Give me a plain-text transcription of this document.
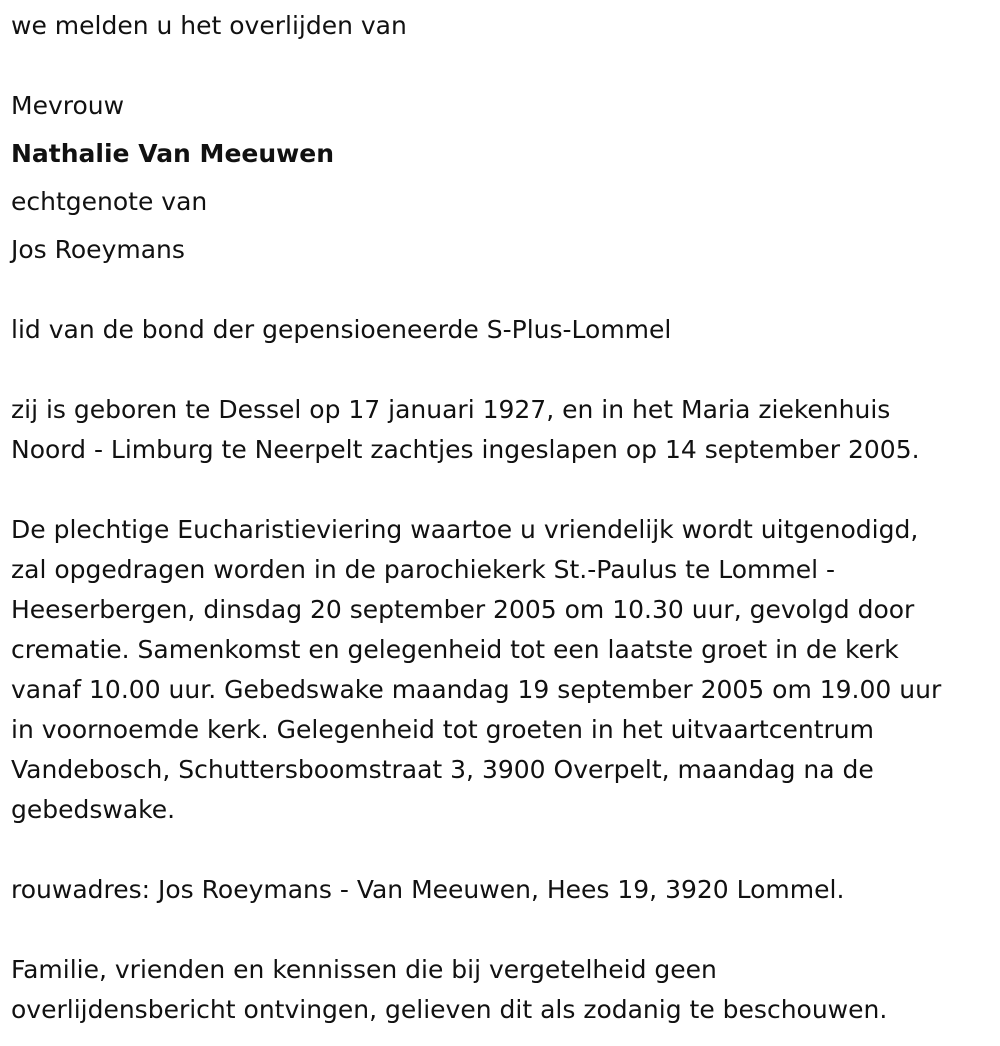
we melden u het overlijden van
Mevrouw
Nathalie Van Meeuwen
echtgenote van
Jos Roeymans
lid van de bond der gepensioeneerde S-Plus-Lommel
zij is geboren te Dessel op 17 januari 1927, en in het Maria ziekenhuis
Noord - Limburg te Neerpelt zachtjes ingeslapen op 14 september 2005.
De plechtige Eucharistieviering waartoe u vriendelijk wordt uitgenodigd,
zal opgedragen worden in de parochiekerk St.-Paulus te Lommel -
Heeserbergen, dinsdag 20 september 2005 om 10.30 uur, gevolgd door
crematie. Samenkomst en gelegenheid tot een laatste groet in de kerk
vanaf 10.00 uur. Gebedswake maandag 19 september 2005 om 19.00 uur
in voornoemde kerk. Gelegenheid tot groeten in het uitvaartcentrum
Vandebosch, Schuttersboomstraat 3, 3900 Overpelt, maandag na de
gebedswake.
rouwadres: Jos Roeymans - Van Meeuwen, Hees 19, 3920 Lommel.
Familie, vrienden en kennissen die bij vergetelheid geen
overlijdensbericht ontvingen, gelieven dit als zodanig te beschouwen.
